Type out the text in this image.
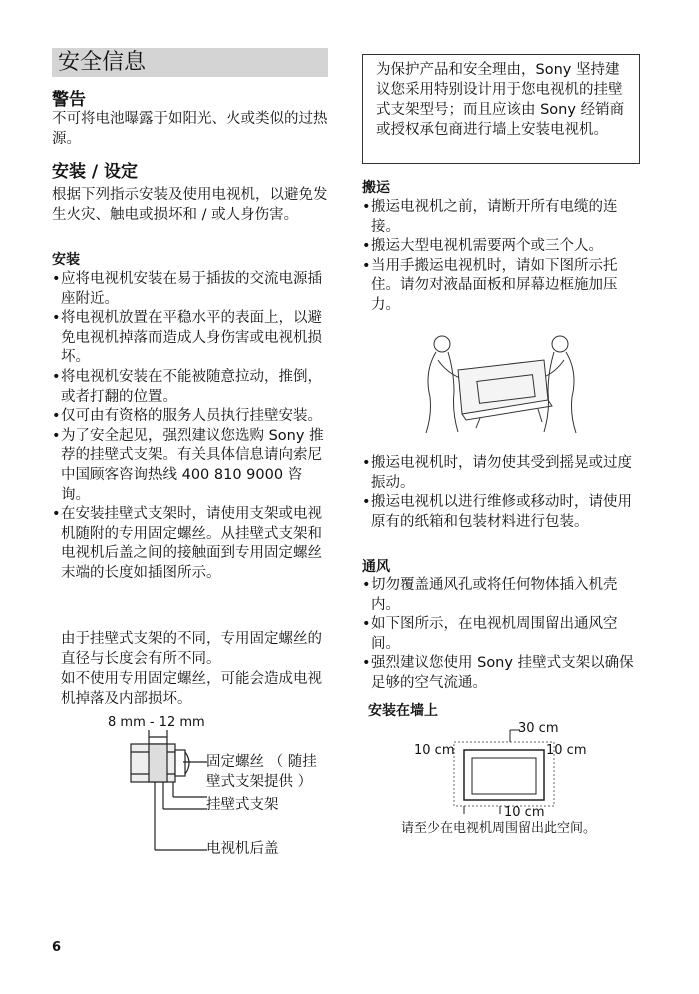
安全信息
警告
不可将电池曝露于如阳光、火或类似的过热源。
安装 / 设定
根据下列指示安装及使用电视机，以避免发生火灾、触电或损坏和 / 或人身伤害。
安装
• 应将电视机安装在易于插拔的交流电源插座附近。
• 将电视机放置在平稳水平的表面上，以避免电视机掉落而造成人身伤害或电视机损坏。
• 将电视机安装在不能被随意拉动，推倒，或者打翻的位置。
• 仅可由有资格的服务人员执行挂壁安装。
• 为了安全起见，强烈建议您选购 Sony 推荐的挂壁式支架。有关具体信息请向索尼中国顾客咨询热线 400 810 9000 咨询。
• 在安装挂壁式支架时，请使用支架或电视机随附的专用固定螺丝。从挂壁式支架和电视机后盖之间的接触面到专用固定螺丝末端的长度如插图所示。
由于挂壁式支架的不同，专用固定螺丝的直径与长度会有所不同。
如不使用专用固定螺丝，可能会造成电视机掉落及内部损坏。
8 mm - 12 mm
固定螺丝 （ 随挂壁式支架提供 ）
挂壁式支架
电视机后盖
为保护产品和安全理由，Sony 坚持建议您采用特别设计用于您电视机的挂壁式支架型号；而且应该由 Sony 经销商或授权承包商进行墙上安装电视机。
搬运
• 搬运电视机之前，请断开所有电缆的连接。
• 搬运大型电视机需要两个或三个人。
• 当用手搬运电视机时，请如下图所示托住。请勿对液晶面板和屏幕边框施加压力。
• 搬运电视机时，请勿使其受到摇晃或过度振动。
• 搬运电视机以进行维修或移动时，请使用原有的纸箱和包装材料进行包装。
通风
• 切勿覆盖通风孔或将任何物体插入机壳内。
• 如下图所示，在电视机周围留出通风空间。
• 强烈建议您使用 Sony 挂壁式支架以确保足够的空气流通。
安装在墙上
30 cm
10 cm	10 cm
10 cm
请至少在电视机周围留出此空间。
6
